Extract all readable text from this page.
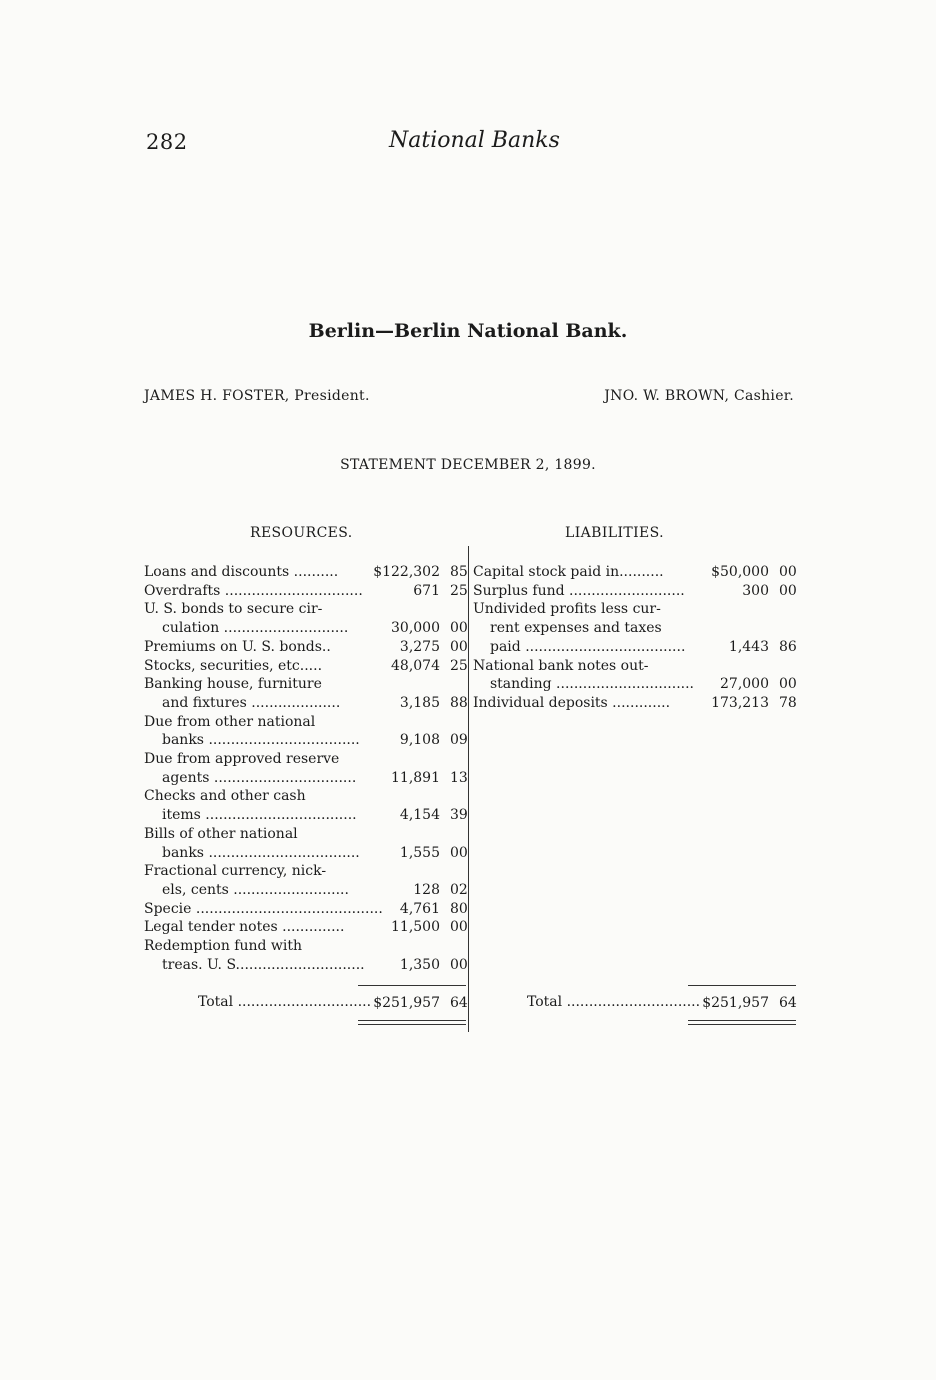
282	National Banks
Berlin—Berlin National Bank.
JAMES H. FOSTER, President.	JNO. W. BROWN, Cashier.
STATEMENT DECEMBER 2, 1899.
RESOURCES.	LIABILITIES.
Loans and discounts ..........	$122,302 85
Overdrafts ...............................	671 25
U. S. bonds to secure cir-
culation ............................	30,000 00
Premiums on U. S. bonds..	3,275 00
Stocks, securities, etc.....	48,074 25
Banking house, furniture
and fixtures ....................	3,185 88
Due from other national
banks ..................................	9,108 09
Due from approved reserve
agents ................................	11,891 13
Checks and other cash
items ..................................	4,154 39
Bills of other national
banks ..................................	1,555 00
Fractional currency, nick-
els, cents ..........................	128 02
Specie ..........................................	4,761 80
Legal tender notes ..............	11,500 00
Redemption fund with
treas. U. S.............................	1,350 00
Capital stock paid in..........	$50,000 00
Surplus fund ..........................	300 00
Undivided profits less cur-
rent expenses and taxes
paid ....................................	1,443 86
National bank notes out-
standing ...............................	27,000 00
Individual deposits .............	173,213 78
Total .............................. $251,957 64	Total .............................. $251,957 64
